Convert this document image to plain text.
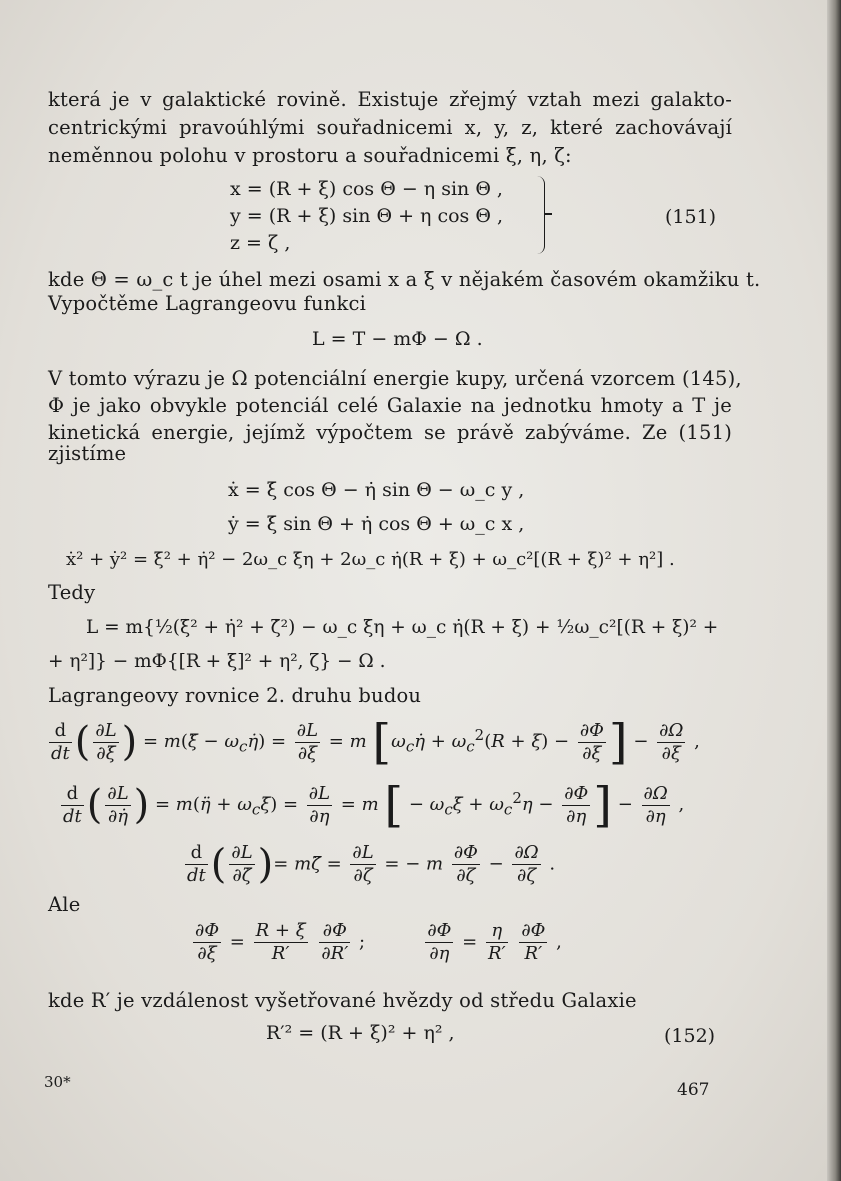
která je v galaktické rovině. Existuje zřejmý vztah mezi galakto-
centrickými pravoúhlými souřadnicemi x, y, z, které zachovávají
neměnnou polohu v prostoru a souřadnicemi ξ, η, ζ:
x = (R + ξ) cos Θ − η sin Θ ,
y = (R + ξ) sin Θ + η cos Θ ,
z = ζ ,
(151)
kde Θ = ω_c t je úhel mezi osami x a ξ v nějakém časovém okamžiku t.
Vypočtěme Lagrangeovu funkci
L = T − mΦ − Ω .
V tomto výrazu je Ω potenciální energie kupy, určená vzorcem (145),
Φ je jako obvykle potenciál celé Galaxie na jednotku hmoty a T je
kinetická energie, jejímž výpočtem se právě zabýváme. Ze (151)
zjistíme
ẋ = ξ̇ cos Θ − η̇ sin Θ − ω_c y ,
ẏ = ξ̇ sin Θ + η̇ cos Θ + ω_c x ,
ẋ² + ẏ² = ξ̇² + η̇² − 2ω_c ξ̇η + 2ω_c η̇(R + ξ) + ω_c²[(R + ξ)² + η²] .
Tedy
L = m{½(ξ̇² + η̇² + ζ̇²) − ω_c ξ̇η + ω_c η̇(R + ξ) + ½ω_c²[(R + ξ)² +
+ η²]} − mΦ{[R + ξ]² + η², ζ} − Ω .
Lagrangeovy rovnice 2. druhu budou
$\frac{d}{dt}$ ( $\frac{\partial L}{\partial\xi̇}$ ) = m(ξ̈ − $\omega_c\etȧ) = \frac{\partial L}{\partial\xi} = m$ [$\omega_c\etȧ + \omega_c^2(R + \xi) - \frac{\partial\Phi}{\partial\xi}$ ] − $\frac{\partial\Omega}{\partial\xi}$ ,
$\frac{d}{dt}$ ( $\frac{\partial L}{\partial\etȧ}$ ) = m(η̈ + $\omega_c\xi̇) = \frac{\partial L}{\partial\eta} = m$ [ − $\omega_c\xi̇ + \omega_c^2\eta - \frac{\partial\Phi}{\partial\eta}$ ] − $\frac{\partial\Omega}{\partial\eta}$ ,
$\frac{d}{dt}$ ( $\frac{\partial L}{\partial\zetȧ}$ )= mζ̈ = $\frac{\partial L}{\partial\zeta}$ = − m $\frac{\partial\Phi}{\partial\zeta} - \frac{\partial\Omega}{\partial\zeta}$ .
Ale
$\frac{\partial\Phi}{\partial\xi} = \frac{R + \xi}{R'}$
$\frac{\partial\Phi}{\partial R'}$ ; $\frac{\partial\Phi}{\partial\eta} = \frac{\eta}{R'}$
$\frac{\partial\Phi}{R'}$ ,
kde R′ je vzdálenost vyšetřované hvězdy od středu Galaxie
R′² = (R + ξ)² + η² ,	(152)
30*	467
